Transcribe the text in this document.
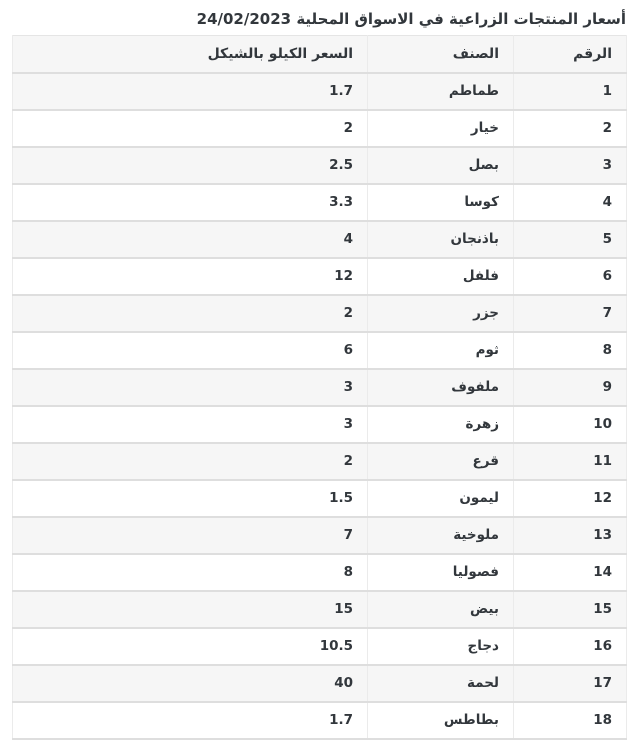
أسعار المنتجات الزراعية في الاسواق المحلية 24/02/2023
الرقم	الصنف	السعر الكيلو بالشيكل
1	طماطم	1.7
2	خيار	2
3	بصل	2.5
4	كوسا	3.3
5	باذنجان	4
6	فلفل	12
7	جزر	2
8	ثوم	6
9	ملفوف	3
10	زهرة	3
11	قرع	2
12	ليمون	1.5
13	ملوخية	7
14	فصوليا	8
15	بيض	15
16	دجاج	10.5
17	لحمة	40
18	بطاطس	1.7
